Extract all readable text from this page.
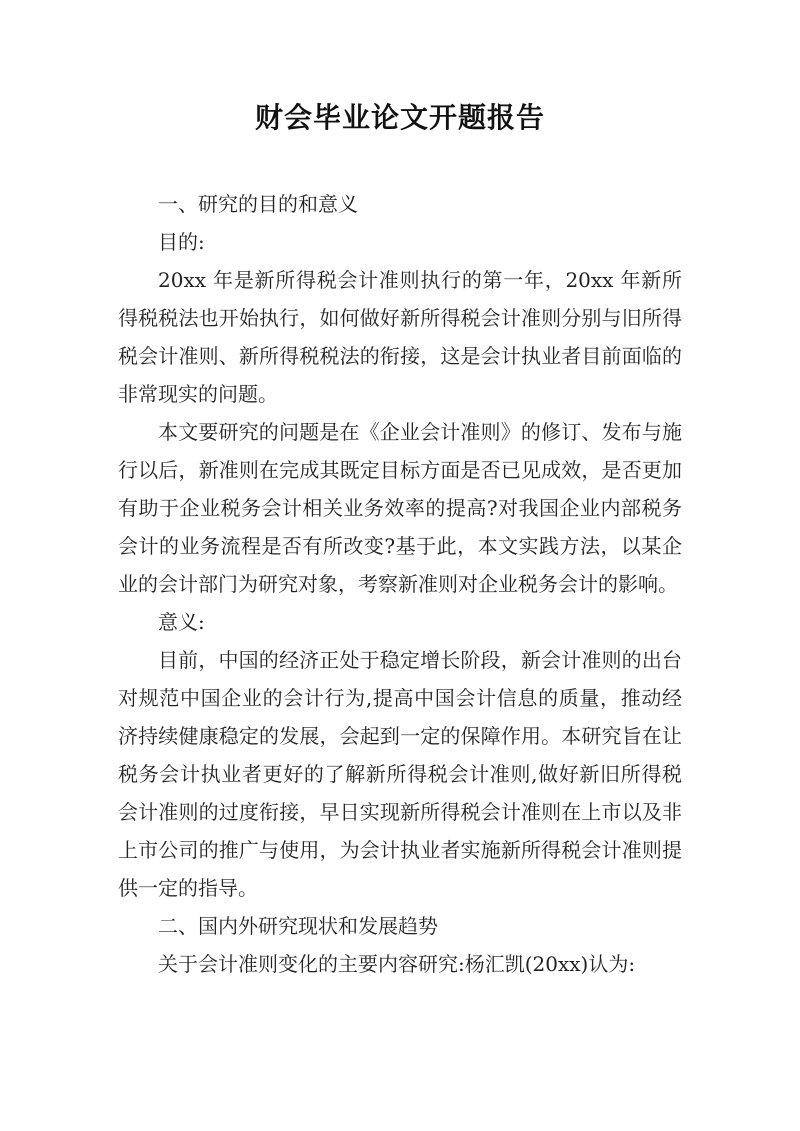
财会毕业论文开题报告

一、研究的目的和意义

目的:

20xx 年是新所得税会计准则执行的第一年，20xx 年新所得税税法也开始执行，如何做好新所得税会计准则分别与旧所得税会计准则、新所得税税法的衔接，这是会计执业者目前面临的非常现实的问题。

本文要研究的问题是在《企业会计准则》的修订、发布与施行以后，新准则在完成其既定目标方面是否已见成效，是否更加有助于企业税务会计相关业务效率的提高?对我国企业内部税务会计的业务流程是否有所改变?基于此，本文实践方法，以某企业的会计部门为研究对象，考察新准则对企业税务会计的影响。

意义:

目前，中国的经济正处于稳定增长阶段，新会计准则的出台对规范中国企业的会计行为,提高中国会计信息的质量，推动经济持续健康稳定的发展，会起到一定的保障作用。本研究旨在让税务会计执业者更好的了解新所得税会计准则,做好新旧所得税会计准则的过度衔接，早日实现新所得税会计准则在上市以及非上市公司的推广与使用，为会计执业者实施新所得税会计准则提供一定的指导。

二、国内外研究现状和发展趋势

关于会计准则变化的主要内容研究:杨汇凯(20xx)认为:
